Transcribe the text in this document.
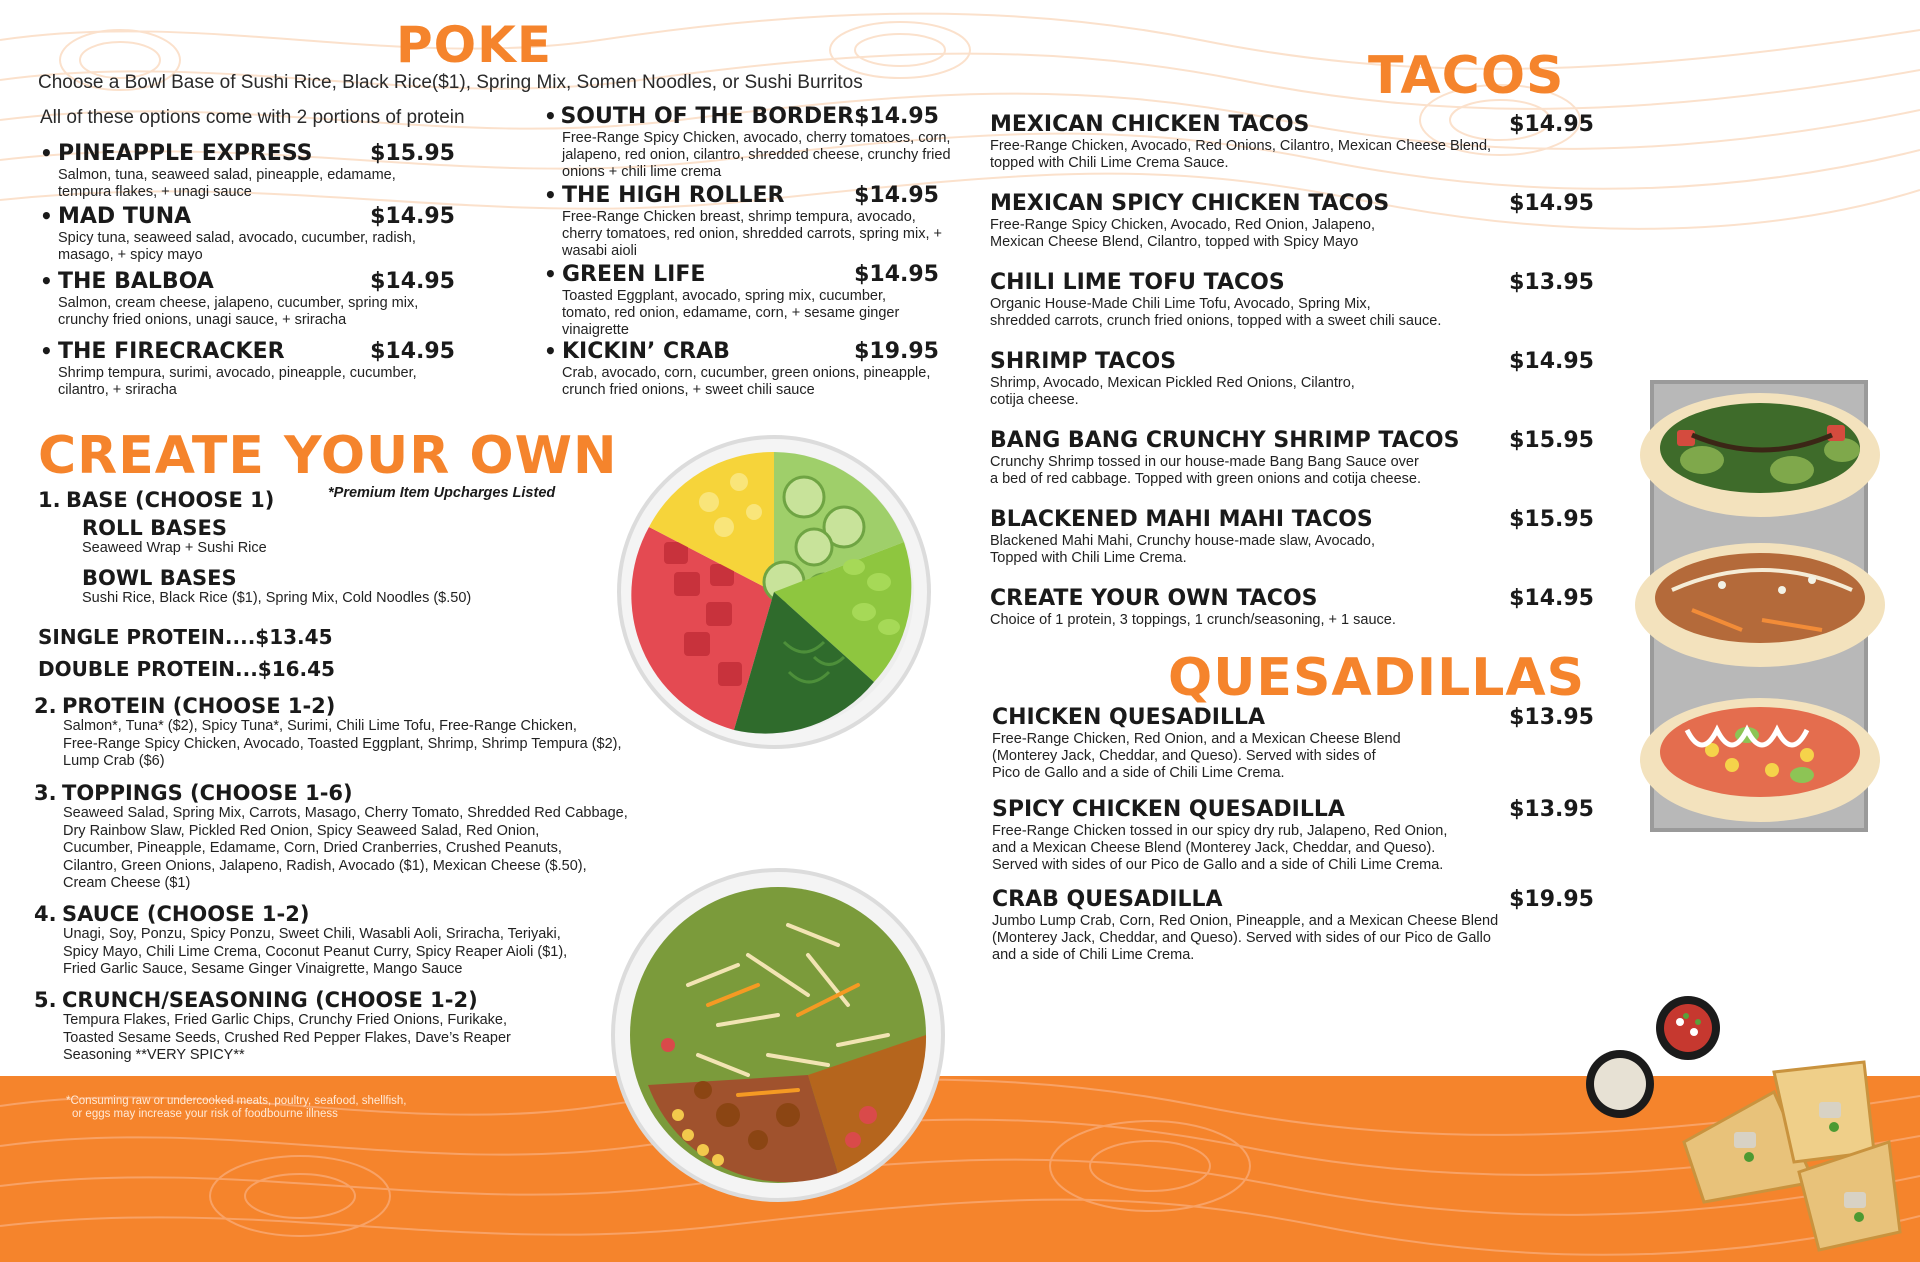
POKE
Choose a Bowl Base of Sushi Rice, Black Rice($1), Spring Mix, Somen Noodles, or Sushi Burritos
All of these options come with 2 portions of protein
• PINEAPPLE EXPRESS	$15.95
Salmon, tuna, seaweed salad, pineapple, edamame, tempura flakes, + unagi sauce
• MAD TUNA	$14.95
Spicy tuna, seaweed salad, avocado, cucumber, radish, masago, + spicy mayo
• THE BALBOA	$14.95
Salmon, cream cheese, jalapeno, cucumber, spring mix, crunchy fried onions, unagi sauce, + sriracha
• THE FIRECRACKER	$14.95
Shrimp tempura, surimi, avocado, pineapple, cucumber, cilantro, + sriracha
• SOUTH OF THE BORDER $14.95
Free-Range Spicy Chicken, avocado, cherry tomatoes, corn, jalapeno, red onion, cilantro, shredded cheese, crunchy fried onions + chili lime crema
• THE HIGH ROLLER	$14.95
Free-Range Chicken breast, shrimp tempura, avocado, cherry tomatoes, red onion, shredded carrots, spring mix, + wasabi aioli
• GREEN LIFE	$14.95
Toasted Eggplant, avocado, spring mix, cucumber, tomato, red onion, edamame, corn, + sesame ginger vinaigrette
• KICKIN’ CRAB	$19.95
Crab, avocado, corn, cucumber, green onions, pineapple, crunch fried onions, + sweet chili sauce
CREATE YOUR OWN
*Premium Item Upcharges Listed
1. BASE (CHOOSE 1)
ROLL BASES
Seaweed Wrap + Sushi Rice
BOWL BASES
Sushi Rice, Black Rice ($1), Spring Mix, Cold Noodles ($.50)
SINGLE PROTEIN....$13.45
DOUBLE PROTEIN...$16.45
2. PROTEIN (CHOOSE 1-2)
Salmon*, Tuna* ($2), Spicy Tuna*, Surimi, Chili Lime Tofu, Free-Range Chicken,
Free-Range Spicy Chicken, Avocado, Toasted Eggplant, Shrimp, Shrimp Tempura ($2),
Lump Crab ($6)
3. TOPPINGS (CHOOSE 1-6)
Seaweed Salad, Spring Mix, Carrots, Masago, Cherry Tomato, Shredded Red Cabbage,
Dry Rainbow Slaw, Pickled Red Onion, Spicy Seaweed Salad, Red Onion,
Cucumber, Pineapple, Edamame, Corn, Dried Cranberries, Crushed Peanuts,
Cilantro, Green Onions, Jalapeno, Radish, Avocado ($1), Mexican Cheese ($.50),
Cream Cheese ($1)
4. SAUCE (CHOOSE 1-2)
Unagi, Soy, Ponzu, Spicy Ponzu, Sweet Chili, Wasabli Aoli, Sriracha, Teriyaki,
Spicy Mayo, Chili Lime Crema, Coconut Peanut Curry, Spicy Reaper Aioli ($1),
Fried Garlic Sauce, Sesame Ginger Vinaigrette, Mango Sauce
5. CRUNCH/SEASONING (CHOOSE 1-2)
Tempura Flakes, Fried Garlic Chips, Crunchy Fried Onions, Furikake,
Toasted Sesame Seeds, Crushed Red Pepper Flakes, Dave’s Reaper
Seasoning **VERY SPICY**
*Consuming raw or undercooked meats, poultry, seafood, shellfish,
or eggs may increase your risk of foodbourne illness
TACOS
MEXICAN CHICKEN TACOS	$14.95
Free-Range Chicken, Avocado, Red Onions, Cilantro, Mexican Cheese Blend,
topped with Chili Lime Crema Sauce.
MEXICAN SPICY CHICKEN TACOS	$14.95
Free-Range Spicy Chicken, Avocado, Red Onion, Jalapeno,
Mexican Cheese Blend, Cilantro, topped with Spicy Mayo
CHILI LIME TOFU TACOS	$13.95
Organic House-Made Chili Lime Tofu, Avocado, Spring Mix,
shredded carrots, crunch fried onions, topped with a sweet chili sauce.
SHRIMP TACOS	$14.95
Shrimp, Avocado, Mexican Pickled Red Onions, Cilantro,
cotija cheese.
BANG BANG CRUNCHY SHRIMP TACOS	$15.95
Crunchy Shrimp tossed in our house-made Bang Bang Sauce over
a bed of red cabbage. Topped with green onions and cotija cheese.
BLACKENED MAHI MAHI TACOS	$15.95
Blackened Mahi Mahi, Crunchy house-made slaw, Avocado,
Topped with Chili Lime Crema.
CREATE YOUR OWN TACOS	$14.95
Choice of 1 protein, 3 toppings, 1 crunch/seasoning, + 1 sauce.
QUESADILLAS
CHICKEN QUESADILLA	$13.95
Free-Range Chicken, Red Onion, and a Mexican Cheese Blend
(Monterey Jack, Cheddar, and Queso). Served with sides of
Pico de Gallo and a side of Chili Lime Crema.
SPICY CHICKEN QUESADILLA	$13.95
Free-Range Chicken tossed in our spicy dry rub, Jalapeno, Red Onion,
and a Mexican Cheese Blend (Monterey Jack, Cheddar, and Queso).
Served with sides of our Pico de Gallo and a side of Chili Lime Crema.
CRAB QUESADILLA	$19.95
Jumbo Lump Crab, Corn, Red Onion, Pineapple, and a Mexican Cheese Blend
(Monterey Jack, Cheddar, and Queso). Served with sides of our Pico de Gallo
and a side of Chili Lime Crema.
